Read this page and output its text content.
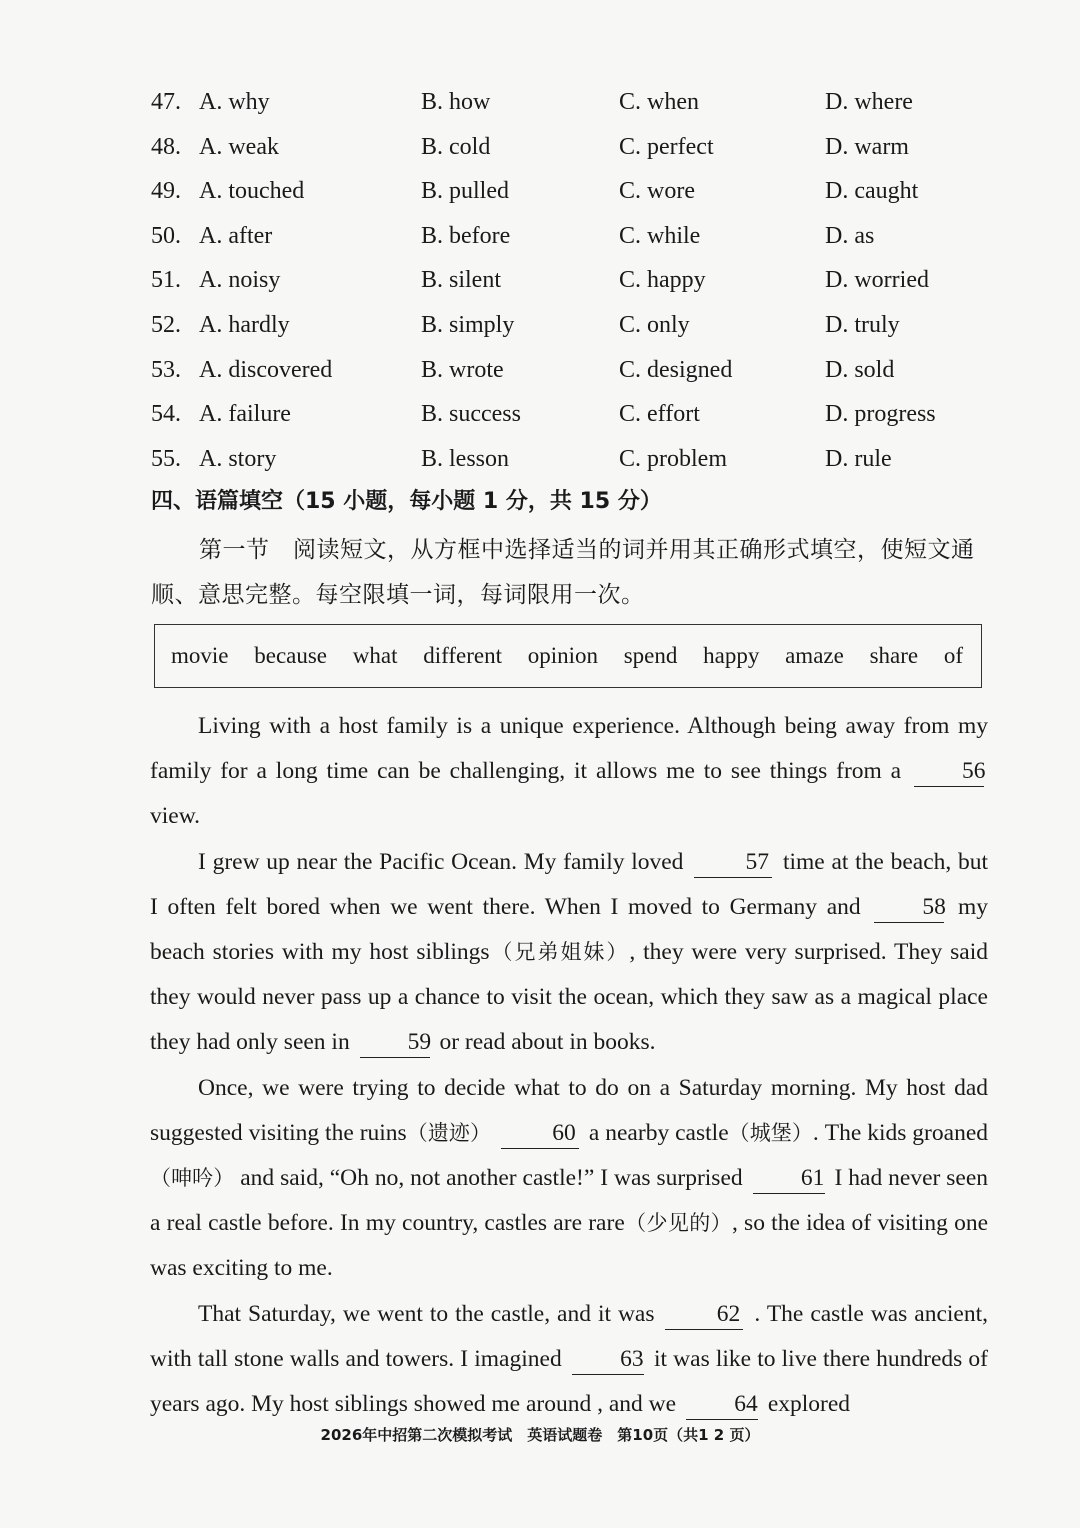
47. A. why	B. how	C. when	D. where
48. A. weak	B. cold	C. perfect	D. warm
49. A. touched	B. pulled	C. wore	D. caught
50. A. after	B. before	C. while	D. as
51. A. noisy	B. silent	C. happy	D. worried
52. A. hardly	B. simply	C. only	D. truly
53. A. discovered	B. wrote	C. designed	D. sold
54. A. failure	B. success	C. effort	D. progress
55. A. story	B. lesson	C. problem	D. rule
四、语篇填空（15 小题，每小题 1 分，共 15 分）
第一节　阅读短文，从方框中选择适当的词并用其正确形式填空，使短文通顺、意思完整。每空限填一词，每词限用一次。
movie because what different opinion spend happy amaze share of

Living with a host family is a unique experience. Although being away from my family for a long time can be challenging, it allows me to see things from a	56 view.

I grew up near the Pacific Ocean. My family loved	57 time at the beach, but I often felt bored when we went there. When I moved to Germany and	58 my beach stories with my host siblings（兄弟姐妹）, they were very surprised. They said they would never pass up a chance to visit the ocean, which they saw as a magical place they had only seen in 59 or read about in books.

Once, we were trying to decide what to do on a Saturday morning. My host dad suggested visiting the ruins（遗迹）	60 a nearby castle（城堡）. The kids groaned（呻吟） and said, “Oh no, not another castle!” I was surprised 61 I had never seen a real castle before. In my country, castles are rare（少见的）, so the idea of visiting one was exciting to me.

That Saturday, we went to the castle, and it was	62 . The castle was ancient, with tall stone walls and towers. I imagined 63 it was like to live there hundreds of years ago. My host siblings showed me around , and we 64 explored

2026年中招第二次模拟考试　英语试题卷　第10页（共1 2 页）
